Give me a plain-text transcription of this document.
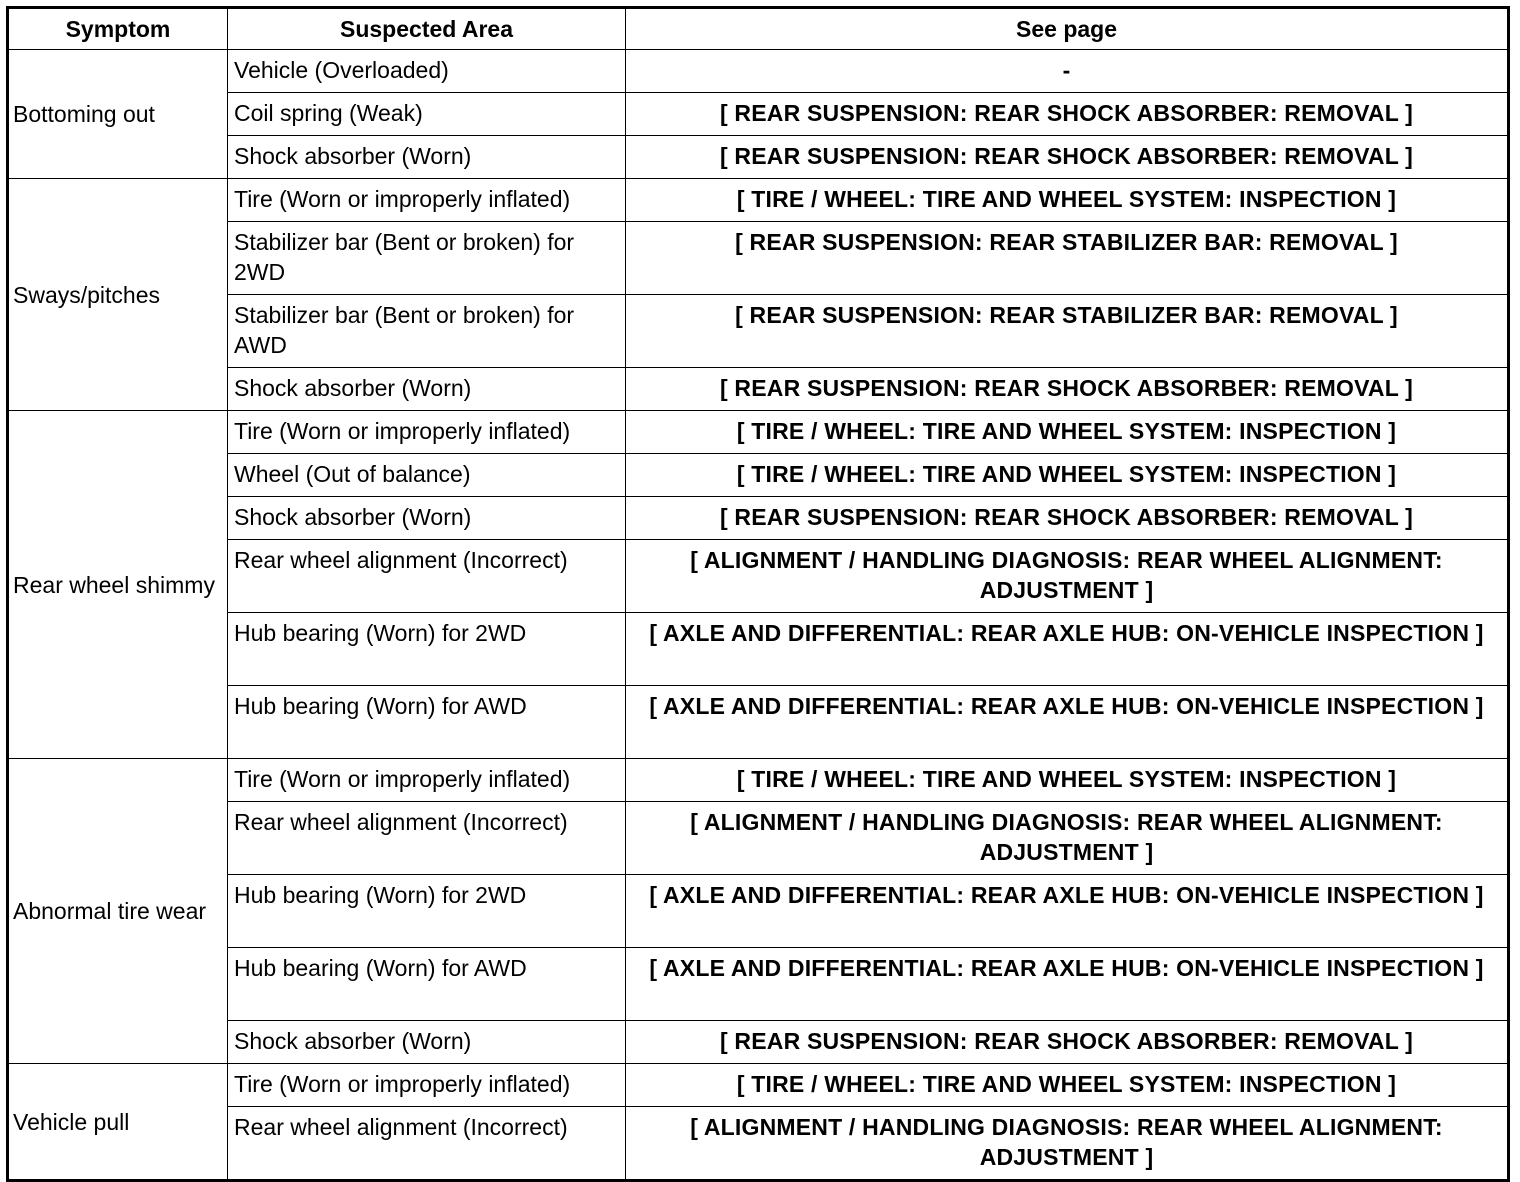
Symptom	Suspected Area	See page
Bottoming out	Vehicle (Overloaded)	-
	Coil spring (Weak)	[ REAR SUSPENSION: REAR SHOCK ABSORBER: REMOVAL ]
	Shock absorber (Worn)	[ REAR SUSPENSION: REAR SHOCK ABSORBER: REMOVAL ]
Sways/pitches	Tire (Worn or improperly inflated)	[ TIRE / WHEEL: TIRE AND WHEEL SYSTEM: INSPECTION ]
	Stabilizer bar (Bent or broken) for 2WD	[ REAR SUSPENSION: REAR STABILIZER BAR: REMOVAL ]
	Stabilizer bar (Bent or broken) for AWD	[ REAR SUSPENSION: REAR STABILIZER BAR: REMOVAL ]
	Shock absorber (Worn)	[ REAR SUSPENSION: REAR SHOCK ABSORBER: REMOVAL ]
Rear wheel shimmy	Tire (Worn or improperly inflated)	[ TIRE / WHEEL: TIRE AND WHEEL SYSTEM: INSPECTION ]
	Wheel (Out of balance)	[ TIRE / WHEEL: TIRE AND WHEEL SYSTEM: INSPECTION ]
	Shock absorber (Worn)	[ REAR SUSPENSION: REAR SHOCK ABSORBER: REMOVAL ]
	Rear wheel alignment (Incorrect)	[ ALIGNMENT / HANDLING DIAGNOSIS: REAR WHEEL ALIGNMENT: ADJUSTMENT ]
	Hub bearing (Worn) for 2WD	[ AXLE AND DIFFERENTIAL: REAR AXLE HUB: ON-VEHICLE INSPECTION ]
	Hub bearing (Worn) for AWD	[ AXLE AND DIFFERENTIAL: REAR AXLE HUB: ON-VEHICLE INSPECTION ]
Abnormal tire wear	Tire (Worn or improperly inflated)	[ TIRE / WHEEL: TIRE AND WHEEL SYSTEM: INSPECTION ]
	Rear wheel alignment (Incorrect)	[ ALIGNMENT / HANDLING DIAGNOSIS: REAR WHEEL ALIGNMENT: ADJUSTMENT ]
	Hub bearing (Worn) for 2WD	[ AXLE AND DIFFERENTIAL: REAR AXLE HUB: ON-VEHICLE INSPECTION ]
	Hub bearing (Worn) for AWD	[ AXLE AND DIFFERENTIAL: REAR AXLE HUB: ON-VEHICLE INSPECTION ]
	Shock absorber (Worn)	[ REAR SUSPENSION: REAR SHOCK ABSORBER: REMOVAL ]
Vehicle pull	Tire (Worn or improperly inflated)	[ TIRE / WHEEL: TIRE AND WHEEL SYSTEM: INSPECTION ]
	Rear wheel alignment (Incorrect)	[ ALIGNMENT / HANDLING DIAGNOSIS: REAR WHEEL ALIGNMENT: ADJUSTMENT ]
